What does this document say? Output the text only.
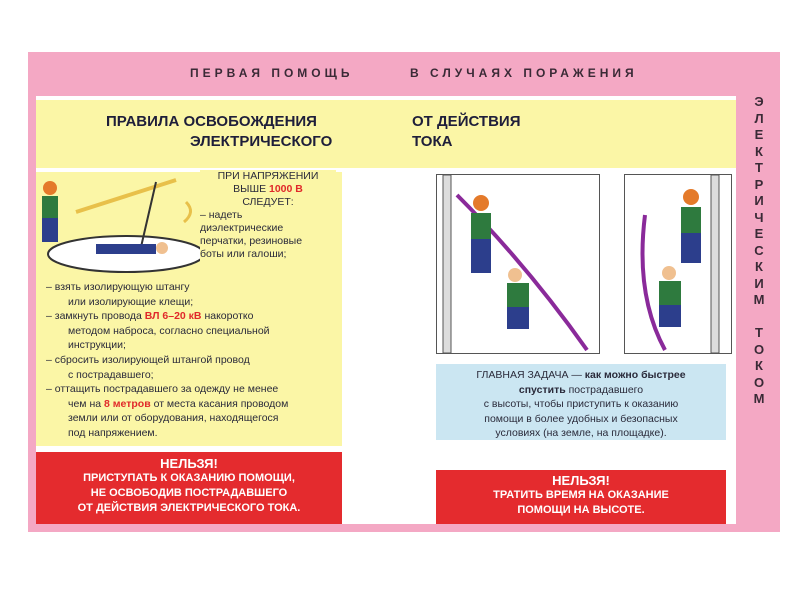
ПЕРВАЯ ПОМОЩЬ	В СЛУЧАЯХ ПОРАЖЕНИЯ
Э
Л
Е
К
Т
Р
И
Ч
Е
С
К
И
М

Т
О
К
О
М
ПРАВИЛА ОСВОБОЖДЕНИЯ
ЭЛЕКТРИЧЕСКОГО
ОТ ДЕЙСТВИЯ
ТОКА
ПРИ НАПРЯЖЕНИИ
ВЫШЕ 1000 В
СЛЕДУЕТ:
– надеть
диэлектрические
перчатки, резиновые
боты или галоши;
– взять изолирующую штангу
или изолирующие клещи;
– замкнуть провода ВЛ 6–20 кВ накоротко
методом наброса, согласно специальной
инструкции;
– сбросить изолирующей штангой провод
с пострадавшего;
– оттащить пострадавшего за одежду не менее
чем на 8 метров от места касания проводом
земли или от оборудования, находящегося
под напряжением.
НЕЛЬЗЯ!
ПРИСТУПАТЬ К ОКАЗАНИЮ ПОМОЩИ,
НЕ ОСВОБОДИВ ПОСТРАДАВШЕГО
ОТ ДЕЙСТВИЯ ЭЛЕКТРИЧЕСКОГО ТОКА.
ГЛАВНАЯ ЗАДАЧА — как можно быстрее
спустить пострадавшего
с высоты, чтобы приступить к оказанию
помощи в более удобных и безопасных
условиях (на земле, на площадке).
НЕЛЬЗЯ!
ТРАТИТЬ ВРЕМЯ НА ОКАЗАНИЕ
ПОМОЩИ НА ВЫСОТЕ.
